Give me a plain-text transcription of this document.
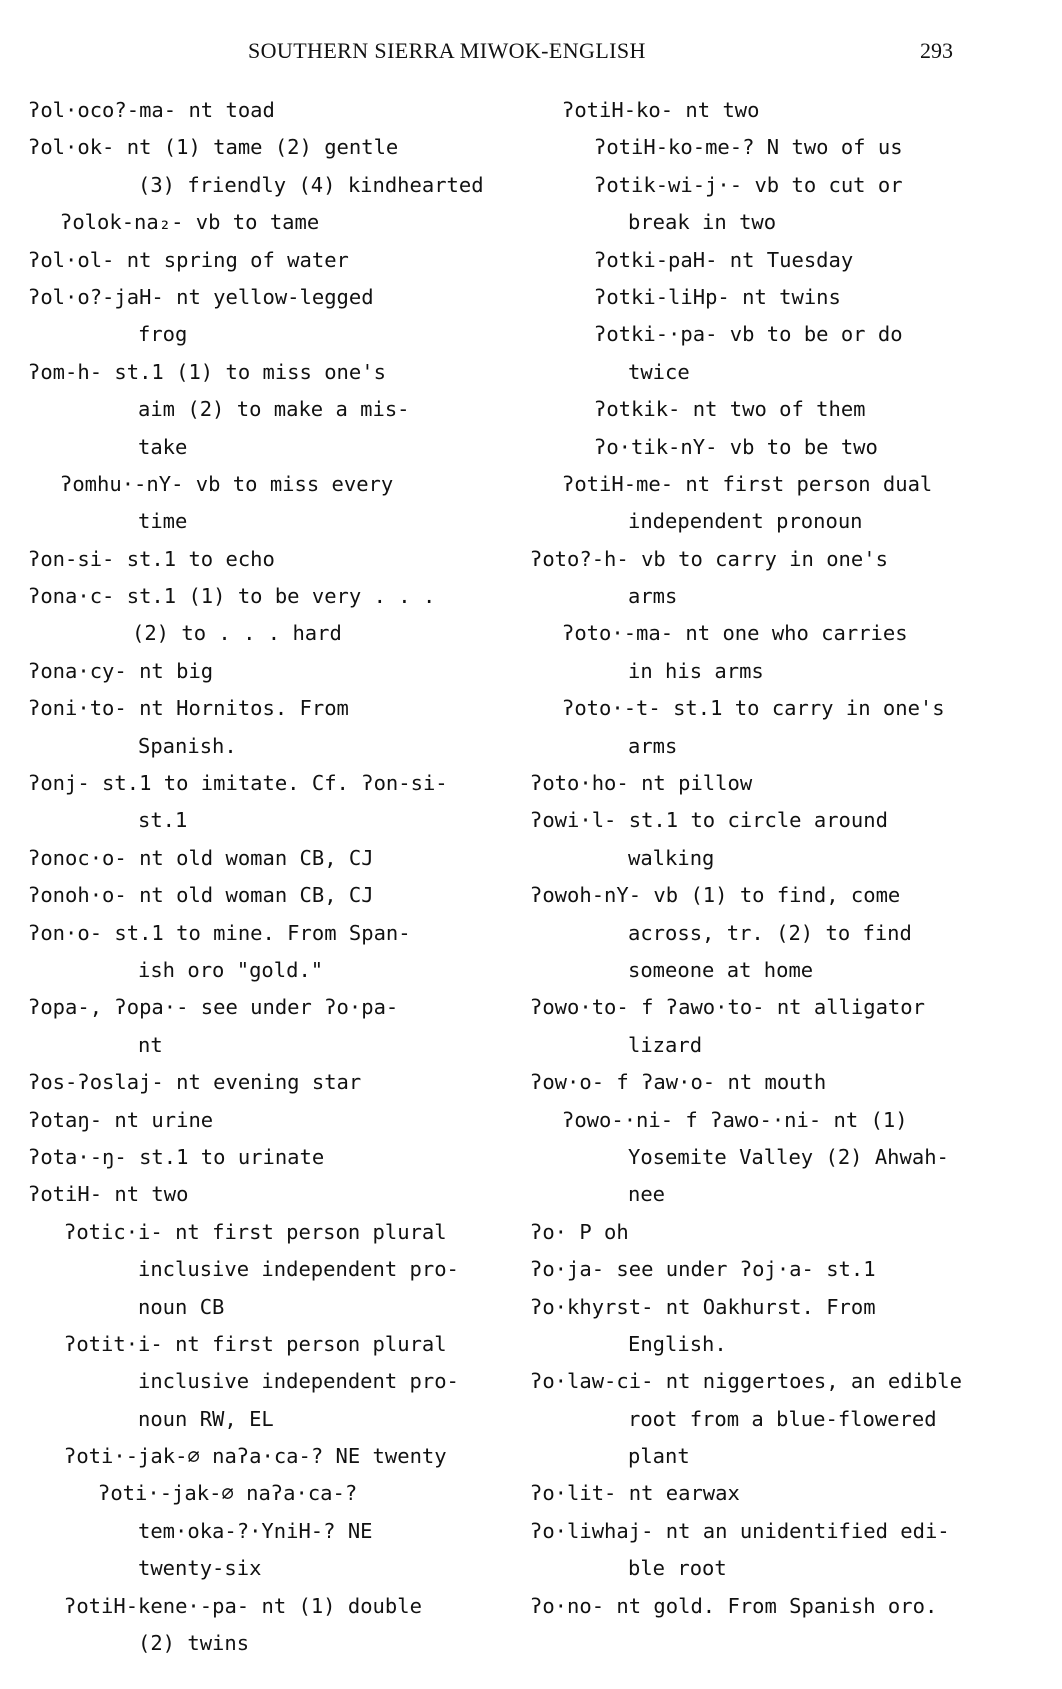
SOUTHERN SIERRA MIWOK-ENGLISH	293
ʔol·oco?-ma- nt toad
ʔol·ok- nt (1) tame (2) gentle
(3) friendly (4) kindhearted
ʔolok-na₂- vb to tame
ʔol·ol- nt spring of water
ʔol·o?-jaH- nt yellow-legged
frog
ʔom-h- st.1 (1) to miss one's
aim (2) to make a mis-
take
ʔomhu·-nY- vb to miss every
time
ʔon-si- st.1 to echo
ʔona·c- st.1 (1) to be very . . .
(2) to . . . hard
ʔona·cy- nt big
ʔoni·to- nt Hornitos. From
Spanish.
ʔonj- st.1 to imitate. Cf. ʔon-si-
st.1
ʔonoc·o- nt old woman CB, CJ
ʔonoh·o- nt old woman CB, CJ
ʔon·o- st.1 to mine. From Span-
ish oro "gold."
ʔopa-, ʔopa·- see under ʔo·pa-
nt
ʔos-ʔoslaj- nt evening star
ʔotaŋ- nt urine
ʔota·-ŋ- st.1 to urinate
ʔotiH- nt two
ʔotic·i- nt first person plural
inclusive independent pro-
noun CB
ʔotit·i- nt first person plural
inclusive independent pro-
noun RW, EL
ʔoti·-jak-∅ naʔa·ca-? NE twenty
ʔoti·-jak-∅ naʔa·ca-?
tem·oka-?·YniH-? NE
twenty-six
ʔotiH-kene·-pa- nt (1) double
(2) twins
ʔotiH-ko- nt two
ʔotiH-ko-me-? N two of us
ʔotik-wi-j·- vb to cut or
break in two
ʔotki-paH- nt Tuesday
ʔotki-liHp- nt twins
ʔotki-·pa- vb to be or do
twice
ʔotkik- nt two of them
ʔo·tik-nY- vb to be two
ʔotiH-me- nt first person dual
independent pronoun
ʔoto?-h- vb to carry in one's
arms
ʔoto·-ma- nt one who carries
in his arms
ʔoto·-t- st.1 to carry in one's
arms
ʔoto·ho- nt pillow
ʔowi·l- st.1 to circle around
walking
ʔowoh-nY- vb (1) to find, come
across, tr. (2) to find
someone at home
ʔowo·to- f ʔawo·to- nt alligator
lizard
ʔow·o- f ʔaw·o- nt mouth
ʔowo-·ni- f ʔawo-·ni- nt (1)
Yosemite Valley (2) Ahwah-
nee
ʔo· P oh
ʔo·ja- see under ʔoj·a- st.1
ʔo·khyrst- nt Oakhurst. From
English.
ʔo·law-ci- nt niggertoes, an edible
root from a blue-flowered
plant
ʔo·lit- nt earwax
ʔo·liwhaj- nt an unidentified edi-
ble root
ʔo·no- nt gold. From Spanish oro.
